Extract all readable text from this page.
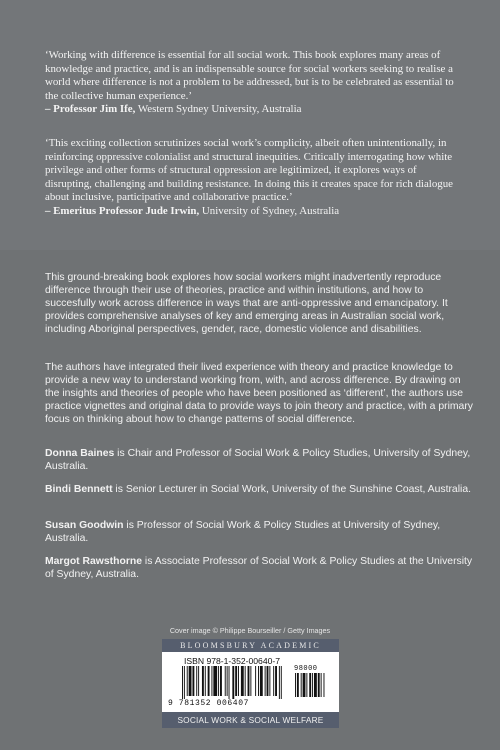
‘Working with difference is essential for all social work. This book explores many areas of knowledge and practice, and is an indispensable source for social workers seeking to realise a world where difference is not a problem to be addressed, but is to be celebrated as essential to the collective human experience.’

– Professor Jim Ife, Western Sydney University, Australia

‘This exciting collection scrutinizes social work’s complicity, albeit often unintentionally, in reinforcing oppressive colonialist and structural inequities. Critically interrogating how white privilege and other forms of structural oppression are legitimized, it explores ways of disrupting, challenging and building resistance. In doing this it creates space for rich dialogue about inclusive, participative and collaborative practice.’

– Emeritus Professor Jude Irwin, University of Sydney, Australia

This ground-breaking book explores how social workers might inadvertently reproduce difference through their use of theories, practice and within institutions, and how to succesfully work across difference in ways that are anti-oppressive and emancipatory. It provides comprehensive analyses of key and emerging areas in Australian social work, including Aboriginal perspectives, gender, race, domestic violence and disabilities.

The authors have integrated their lived experience with theory and practice knowledge to provide a new way to understand working from, with, and across difference. By drawing on the insights and theories of people who have been positioned as ‘different’, the authors use practice vignettes and original data to provide ways to join theory and practice, with a primary focus on thinking about how to change patterns of social difference.

Donna Baines is Chair and Professor of Social Work & Policy Studies, University of Sydney, Australia.
Bindi Bennett is Senior Lecturer in Social Work, University of the Sunshine Coast, Australia.
Susan Goodwin is Professor of Social Work & Policy Studies at University of Sydney, Australia.
Margot Rawsthorne is Associate Professor of Social Work & Policy Studies at the University of Sydney, Australia.
Cover image © Philippe Bourseiller / Getty Images
BLOOMSBURY ACADEMIC
ISBN 978-1-352-00640-7
9 781352 006407
98000
SOCIAL WORK & SOCIAL WELFARE
